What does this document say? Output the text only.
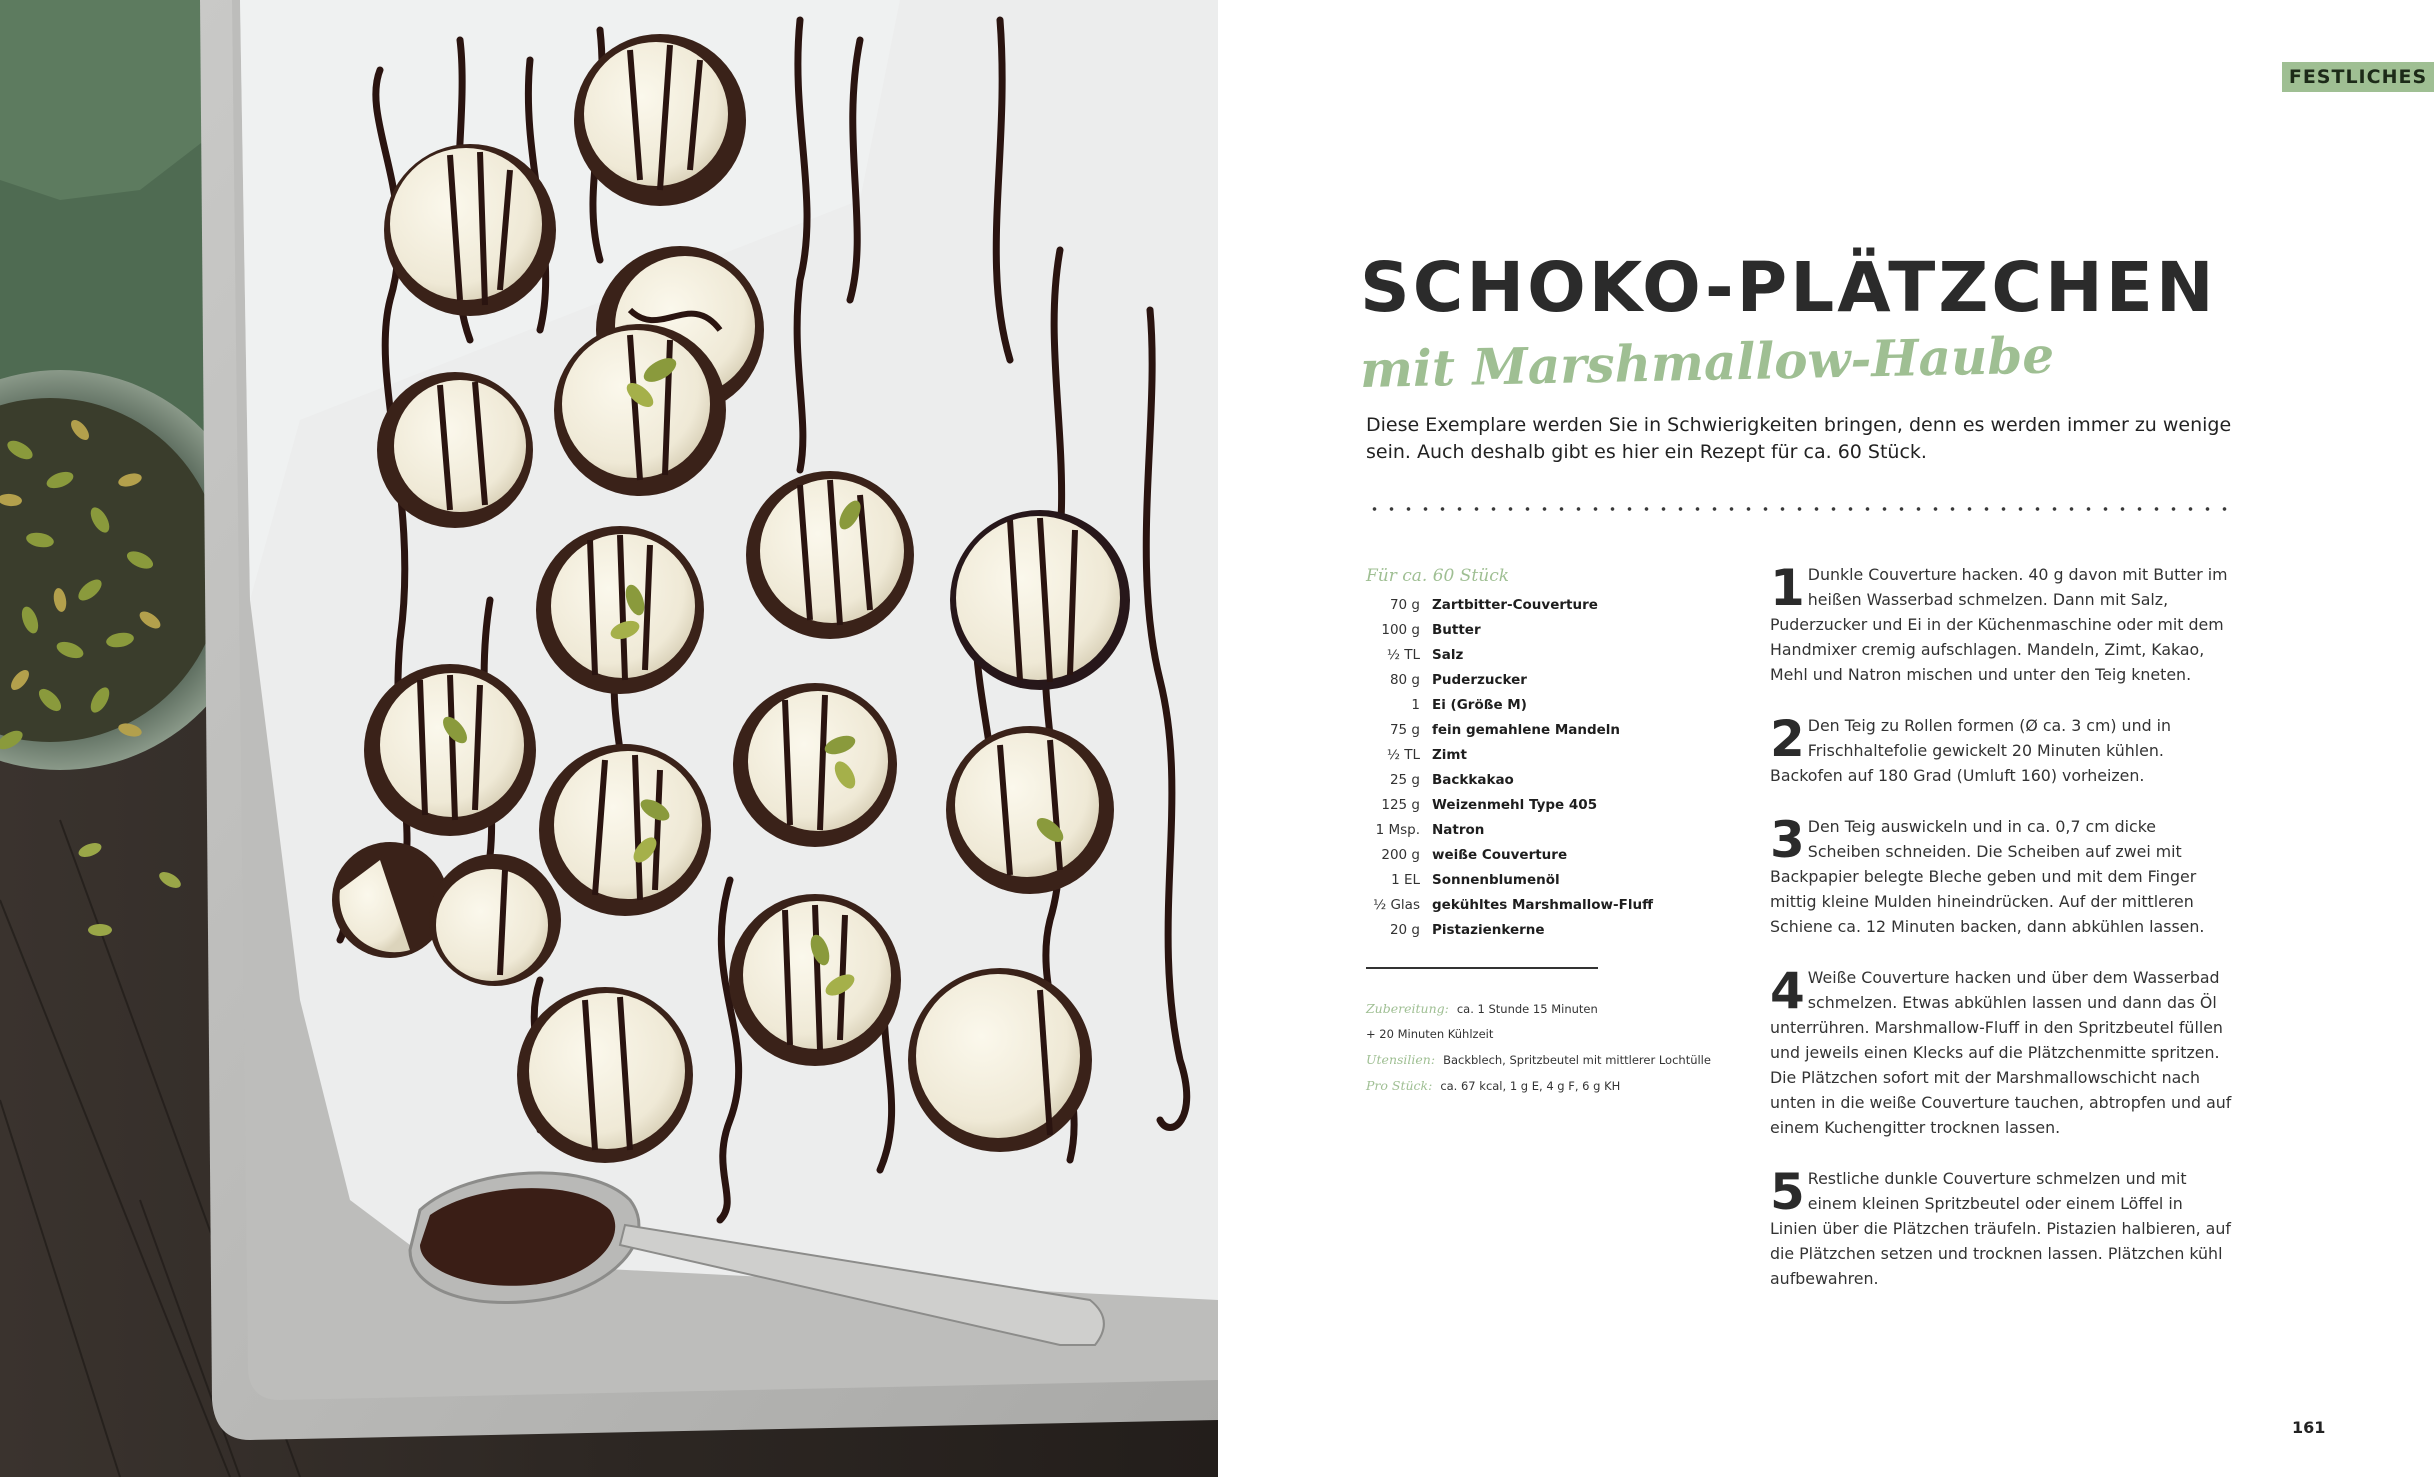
FESTLICHES
SCHOKO-PLÄTZCHEN
mit Marshmallow-Haube

Diese Exemplare werden Sie in Schwierigkeiten bringen, denn es werden immer zu wenige sein. Auch deshalb gibt es hier ein Rezept für ca. 60 Stück.

Für ca. 60 Stück

70 g Zartbitter-Couverture
100 g Butter
½ TL Salz
80 g Puderzucker
1 Ei (Größe M)
75 g fein gemahlene Mandeln
½ TL Zimt
25 g Backkakao
125 g Weizenmehl Type 405
1 Msp. Natron
200 g weiße Couverture
1 EL Sonnenblumenöl
½ Glas gekühltes Marshmallow-Fluff
20 g Pistazienkerne
Zubereitung: ca. 1 Stunde 15 Minuten
+ 20 Minuten Kühlzeit
Utensilien: Backblech, Spritzbeutel mit mittlerer Lochtülle
Pro Stück: ca. 67 kcal, 1 g E, 4 g F, 6 g KH
1 Dunkle Couverture hacken. 40 g davon mit Butter im heißen Wasserbad schmelzen. Dann mit Salz, Puderzucker und Ei in der Küchenmaschine oder mit dem Handmixer cremig aufschlagen. Mandeln, Zimt, Kakao, Mehl und Natron mischen und unter den Teig kneten.
2 Den Teig zu Rollen formen (Ø ca. 3 cm) und in Frischhaltefolie gewickelt 20 Minuten kühlen. Backofen auf 180 Grad (Umluft 160) vorheizen.
3 Den Teig auswickeln und in ca. 0,7 cm dicke Scheiben schneiden. Die Scheiben auf zwei mit Backpapier belegte Bleche geben und mit dem Finger mittig kleine Mulden hineindrücken. Auf der mittleren Schiene ca. 12 Minuten backen, dann abkühlen lassen.
4 Weiße Couverture hacken und über dem Wasserbad schmelzen. Etwas abkühlen lassen und dann das Öl unterrühren. Marshmallow-Fluff in den Spritzbeutel füllen und jeweils einen Klecks auf die Plätzchenmitte spritzen. Die Plätzchen sofort mit der Marshmallowschicht nach unten in die weiße Couverture tauchen, abtropfen und auf einem Kuchengitter trocknen lassen.
5 Restliche dunkle Couverture schmelzen und mit einem kleinen Spritzbeutel oder einem Löffel in Linien über die Plätzchen träufeln. Pistazien halbieren, auf die Plätzchen setzen und trocknen lassen. Plätzchen kühl aufbewahren.
161
